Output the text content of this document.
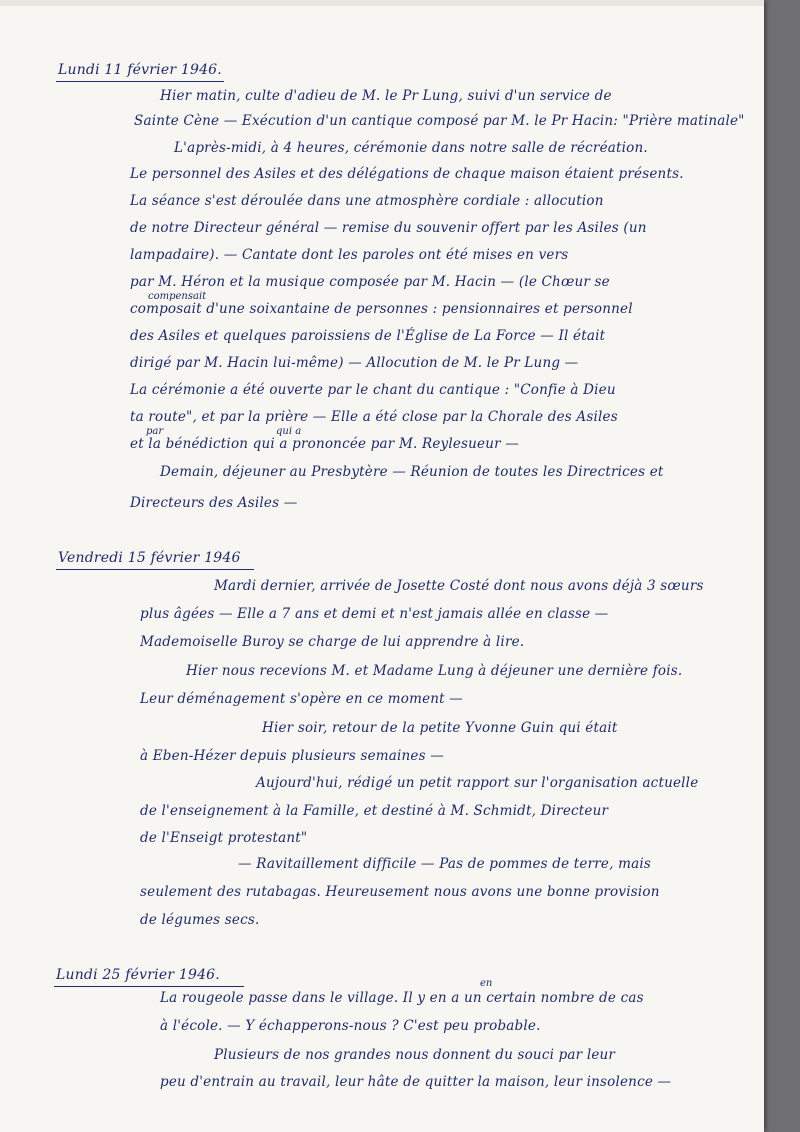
Lundi 11 février 1946.
Hier matin, culte d'adieu de M. le Pr Lung, suivi d'un service de
Sainte Cène — Exécution d'un cantique composé par M. le Pr Hacin: "Prière matinale"
L'après-midi, à 4 heures, cérémonie dans notre salle de récréation.
Le personnel des Asiles et des délégations de chaque maison étaient présents.
La séance s'est déroulée dans une atmosphère cordiale : allocution
de notre Directeur général — remise du souvenir offert par les Asiles (un
lampadaire). — Cantate dont les paroles ont été mises en vers
par M. Héron et la musique composée par M. Hacin — (le Chœur se
compensait
composait d'une soixantaine de personnes : pensionnaires et personnel
des Asiles et quelques paroissiens de l'Église de La Force — Il était
dirigé par M. Hacin lui-même) — Allocution de M. le Pr Lung —
La cérémonie a été ouverte par le chant du cantique : "Confie à Dieu
ta route", et par la prière — Elle a été close par la Chorale des Asiles
par	qui a
et la bénédiction qui a prononcée par M. Reylesueur —
Demain, déjeuner au Presbytère — Réunion de toutes les Directrices et
Directeurs des Asiles —
Vendredi 15 février 1946
Mardi dernier, arrivée de Josette Costé dont nous avons déjà 3 sœurs
plus âgées — Elle a 7 ans et demi et n'est jamais allée en classe —
Mademoiselle Buroy se charge de lui apprendre à lire.
Hier nous recevions M. et Madame Lung à déjeuner une dernière fois.
Leur déménagement s'opère en ce moment —
Hier soir, retour de la petite Yvonne Guin qui était
à Eben-Hézer depuis plusieurs semaines —
Aujourd'hui, rédigé un petit rapport sur l'organisation actuelle
de l'enseignement à la Famille, et destiné à M. Schmidt, Directeur
de l'Enseigt protestant"
— Ravitaillement difficile — Pas de pommes de terre, mais
seulement des rutabagas. Heureusement nous avons une bonne provision
de légumes secs.
Lundi 25 février 1946.
en
La rougeole passe dans le village. Il y en a un certain nombre de cas
à l'école. — Y échapperons-nous ? C'est peu probable.
Plusieurs de nos grandes nous donnent du souci par leur
peu d'entrain au travail, leur hâte de quitter la maison, leur insolence —
